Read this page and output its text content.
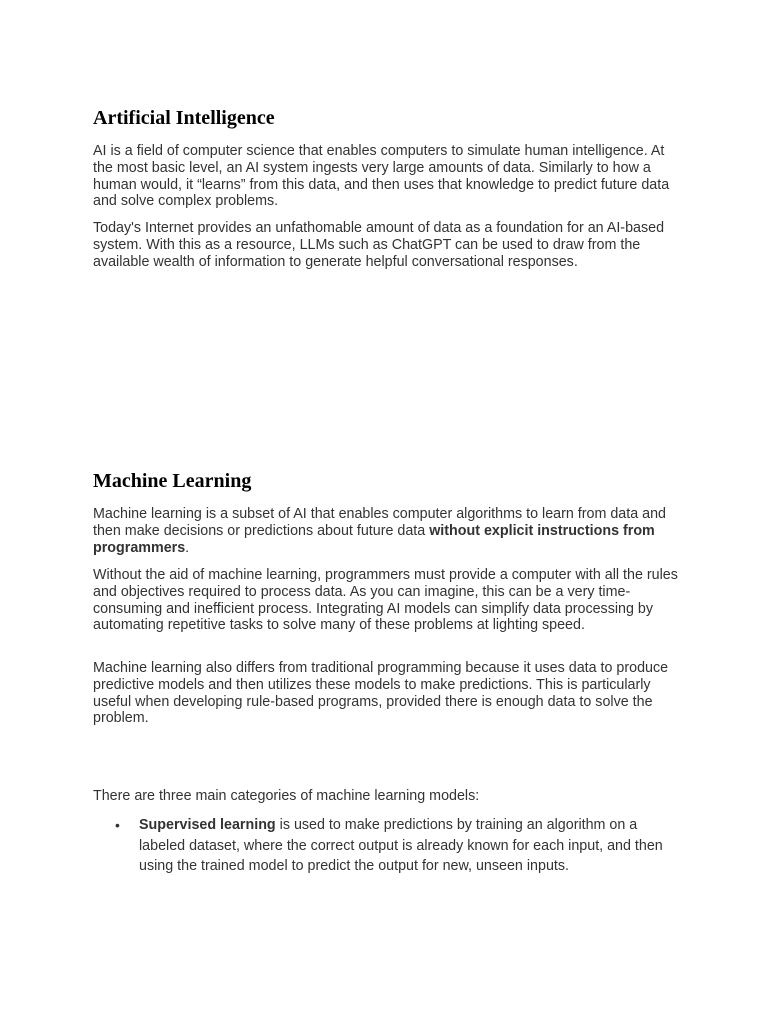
Artificial Intelligence

AI is a field of computer science that enables computers to simulate human intelligence. At the most basic level, an AI system ingests very large amounts of data. Similarly to how a human would, it “learns” from this data, and then uses that knowledge to predict future data and solve complex problems.

Today's Internet provides an unfathomable amount of data as a foundation for an AI-based system. With this as a resource, LLMs such as ChatGPT can be used to draw from the available wealth of information to generate helpful conversational responses.

Machine Learning

Machine learning is a subset of AI that enables computer algorithms to learn from data and then make decisions or predictions about future data without explicit instructions from programmers.

Without the aid of machine learning, programmers must provide a computer with all the rules and objectives required to process data. As you can imagine, this can be a very time-consuming and inefficient process. Integrating AI models can simplify data processing by automating repetitive tasks to solve many of these problems at lighting speed.

Machine learning also differs from traditional programming because it uses data to produce predictive models and then utilizes these models to make predictions. This is particularly useful when developing rule-based programs, provided there is enough data to solve the problem.

There are three main categories of machine learning models:

• Supervised learning is used to make predictions by training an algorithm on a labeled dataset, where the correct output is already known for each input, and then using the trained model to predict the output for new, unseen inputs.
